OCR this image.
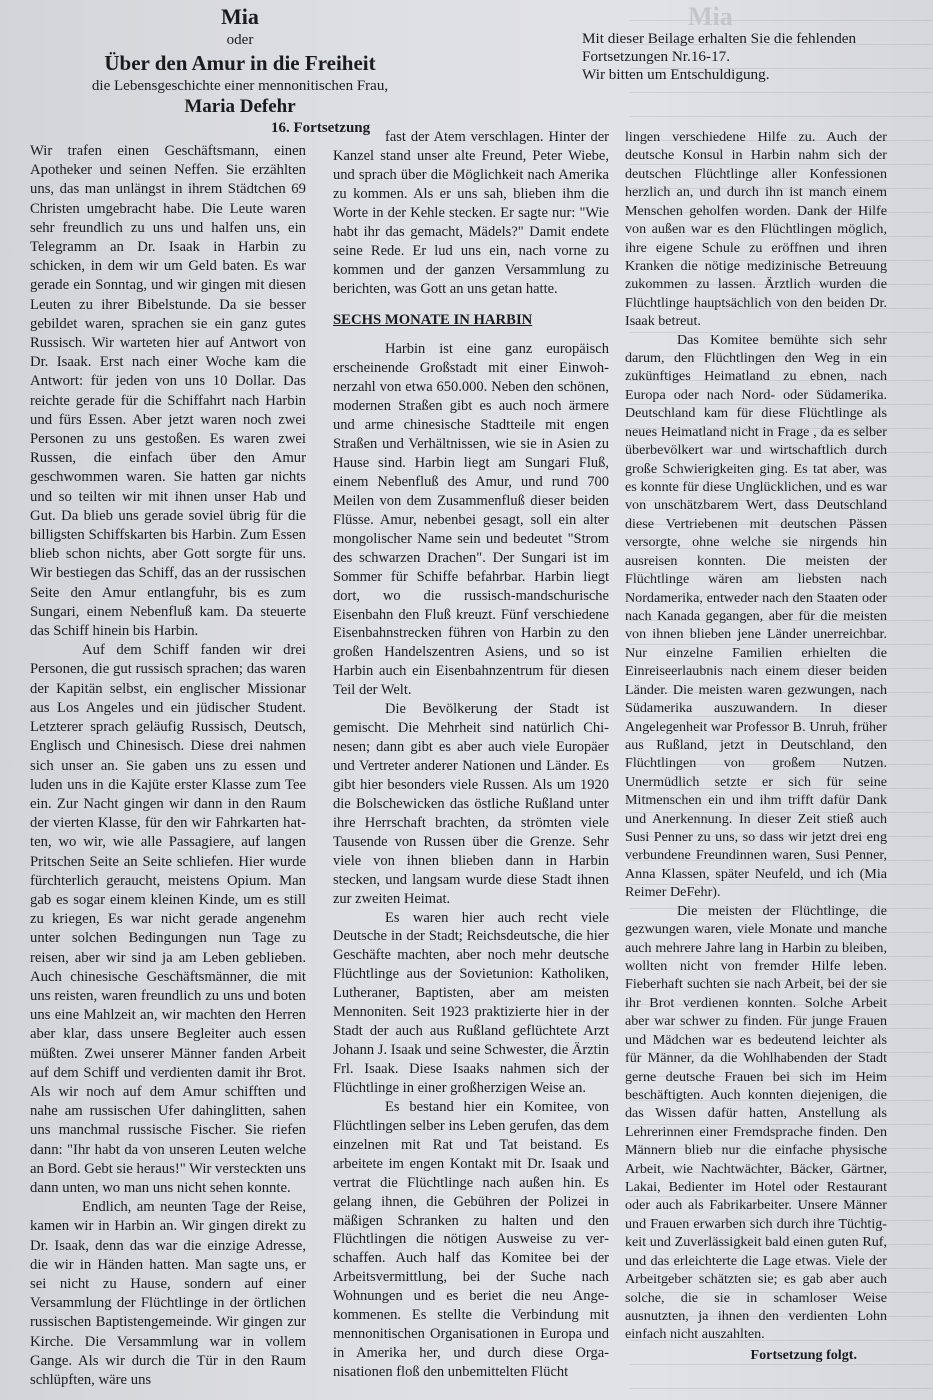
Mia
Mia
oder
Über den Amur in die Freiheit
die Lebensgeschichte einer mennonitischen Frau,
Maria Defehr
16. Fortsetzung
Mit dieser Beilage erhalten Sie die fehlenden
Fortsetzungen Nr.16-17.
Wir bitten um Entschuldigung.

Wir trafen einen Geschäftsmann, einen Apotheker und seinen Neffen. Sie erzählten uns, das man unlängst in ihrem Städtchen 69 Christen umgebracht habe. Die Leute waren sehr freundlich zu uns und halfen uns, ein Telegramm an Dr. Isaak in Harbin zu schicken, in dem wir um Geld baten. Es war gerade ein Sonntag, und wir gingen mit diesen Leuten zu ihrer Bibelstunde. Da sie besser gebildet waren, sprachen sie ein ganz gutes Russisch. Wir warteten hier auf Antwort von Dr. Isaak. Erst nach einer Woche kam die Antwort: für jeden von uns 10 Dollar. Das reichte gerade für die Schiffahrt nach Harbin und fürs Essen. Aber jetzt waren noch zwei Personen zu uns gestoßen. Es waren zwei Russen, die einfach über den Amur geschwommen waren. Sie hatten gar nichts und so teilten wir mit ihnen unser Hab und Gut. Da blieb uns gerade soviel übrig für die billigsten Schiffskarten bis Harbin. Zum Essen blieb schon nichts, aber Gott sorgte für uns. Wir bestiegen das Schiff, das an der russischen Seite den Amur entlangfuhr, bis es zum Sungari, einem Nebenfluß kam. Da steuerte das Schiff hinein bis Harbin.

Auf dem Schiff fanden wir drei Personen, die gut russisch sprachen; das waren der Kapitän selbst, ein englischer Missionar aus Los Angeles und ein jüdischer Student. Letzterer sprach geläufig Russisch, Deutsch, Englisch und Chinesisch. Diese drei nahmen sich unser an. Sie gaben uns zu essen und luden uns in die Kajüte erster Klasse zum Tee ein. Zur Nacht gingen wir dann in den Raum der vierten Klasse, für den wir Fahrkarten hatten, wo wir, wie alle Passagiere, auf langen Pritschen Seite an Seite schliefen. Hier wurde fürchterlich geraucht, meistens Opium. Man gab es sogar einem kleinen Kinde, um es still zu kriegen, Es war nicht gerade angenehm unter solchen Bedingungen nun Tage zu reisen, aber wir sind ja am Leben geblieben. Auch chinesische Geschäftsmänner, die mit uns reisten, waren freundlich zu uns und boten uns eine Mahlzeit an, wir machten den Herren aber klar, dass unsere Begleiter auch essen müßten. Zwei unserer Männer fanden Arbeit auf dem Schiff und verdienten damit ihr Brot. Als wir noch auf dem Amur schifften und nahe am russischen Ufer dahinglitten, sahen uns manchmal russische Fischer. Sie riefen dann: "Ihr habt da von unseren Leuten welche an Bord. Gebt sie heraus!" Wir versteckten uns dann unten, wo man uns nicht sehen konnte.

Endlich, am neunten Tage der Reise, kamen wir in Harbin an. Wir gingen direkt zu Dr. Isaak, denn das war die einzige Adresse, die wir in Händen hatten. Man sagte uns, er sei nicht zu Hause, sondern auf einer Versammlung der Flüchtlinge in der örtlichen russischen Baptistengemeinde. Wir gingen zur Kirche. Die Versammlung war in vollem Gange. Als wir durch die Tür in den Raum schlüpften, wäre uns

fast der Atem verschlagen. Hinter der Kanzel stand unser alte Freund, Peter Wiebe, und sprach über die Möglichkeit nach Amerika zu kommen. Als er uns sah, blieben ihm die Worte in der Kehle stecken. Er sagte nur: "Wie habt ihr das gemacht, Mädels?" Damit endete seine Rede. Er lud uns ein, nach vorne zu kommen und der ganzen Versammlung zu berichten, was Gott an uns getan hatte.

SECHS MONATE IN HARBIN

Harbin ist eine ganz europäisch erscheinende Großstadt mit einer Einwohnerzahl von etwa 650.000. Neben den schönen, modernen Straßen gibt es auch noch ärmere und arme chinesische Stadtteile mit engen Straßen und Verhältnissen, wie sie in Asien zu Hause sind. Harbin liegt am Sungari Fluß, einem Nebenfluß des Amur, und rund 700 Meilen von dem Zusammenfluß dieser beiden Flüsse. Amur, nebenbei gesagt, soll ein alter mongolischer Name sein und bedeutet "Strom des schwarzen Drachen". Der Sungari ist im Sommer für Schiffe befahrbar. Harbin liegt dort, wo die russisch-mandschurische Eisenbahn den Fluß kreuzt. Fünf verschiedene Eisenbahnstrecken führen von Harbin zu den großen Handelszentren Asiens, und so ist Harbin auch ein Eisenbahnzentrum für diesen Teil der Welt.

Die Bevölkerung der Stadt ist gemischt. Die Mehrheit sind natürlich Chinesen; dann gibt es aber auch viele Europäer und Vertreter anderer Nationen und Länder. Es gibt hier besonders viele Russen. Als um 1920 die Bolschewicken das östliche Rußland unter ihre Herrschaft brachten, da strömten viele Tausende von Russen über die Grenze. Sehr viele von ihnen blieben dann in Harbin stecken, und langsam wurde diese Stadt ihnen zur zweiten Heimat.

Es waren hier auch recht viele Deutsche in der Stadt; Reichsdeutsche, die hier Geschäfte machten, aber noch mehr deutsche Flüchtlinge aus der Sovietunion: Katholiken, Lutheraner, Baptisten, aber am meisten Mennoniten. Seit 1923 praktizierte hier in der Stadt der auch aus Rußland geflüchtete Arzt Johann J. Isaak und seine Schwester, die Ärztin Frl. Isaak. Diese Isaaks nahmen sich der Flüchtlinge in einer großherzigen Weise an.

Es bestand hier ein Komitee, von Flüchtlingen selber ins Leben gerufen, das dem einzelnen mit Rat und Tat beistand. Es arbeitete im engen Kontakt mit Dr. Isaak und vertrat die Flüchtlinge nach außen hin. Es gelang ihnen, die Gebühren der Polizei in mäßigen Schranken zu halten und den Flüchtlingen die nötigen Ausweise zu verschaffen. Auch half das Komitee bei der Arbeitsvermittlung, bei der Suche nach Wohnungen und es beriet die neu Angekommenen. Es stellte die Verbindung mit mennonitischen Organisationen in Europa und in Amerika her, und durch diese Organisationen floß den unbemittelten Flücht

lingen verschiedene Hilfe zu. Auch der deutsche Konsul in Harbin nahm sich der deutschen Flüchtlinge aller Konfessionen herzlich an, und durch ihn ist manch einem Menschen geholfen worden. Dank der Hilfe von außen war es den Flüchtlingen möglich, ihre eigene Schule zu eröffnen und ihren Kranken die nötige medizinische Betreuung zukommen zu lassen. Ärztlich wurden die Flüchtlinge hauptsächlich von den beiden Dr. Isaak betreut.

Das Komitee bemühte sich sehr darum, den Flüchtlingen den Weg in ein zukünftiges Heimatland zu ebnen, nach Europa oder nach Nord- oder Südamerika. Deutschland kam für diese Flüchtlinge als neues Heimatland nicht in Frage , da es selber überbevölkert war und wirtschaftlich durch große Schwierigkeiten ging. Es tat aber, was es konnte für diese Unglücklichen, und es war von unschätzbarem Wert, dass Deutschland diese Vertriebenen mit deutschen Pässen versorgte, ohne welche sie nirgends hin ausreisen konnten. Die meisten der Flüchtlinge wären am liebsten nach Nordamerika, entweder nach den Staaten oder nach Kanada gegangen, aber für die meisten von ihnen blieben jene Länder unerreichbar. Nur einzelne Familien erhielten die Einreiseerlaubnis nach einem dieser beiden Länder. Die meisten waren gezwungen, nach Südamerika auszuwandern. In dieser Angelegenheit war Professor B. Unruh, früher aus Rußland, jetzt in Deutschland, den Flüchtlingen von großem Nutzen. Unermüdlich setzte er sich für seine Mitmenschen ein und ihm trifft dafür Dank und Anerkennung. In dieser Zeit stieß auch Susi Penner zu uns, so dass wir jetzt drei eng verbundene Freundinnen waren, Susi Penner, Anna Klassen, später Neufeld, und ich (Mia Reimer DeFehr).

Die meisten der Flüchtlinge, die gezwungen waren, viele Monate und manche auch mehrere Jahre lang in Harbin zu bleiben, wollten nicht von fremder Hilfe leben. Fieberhaft suchten sie nach Arbeit, bei der sie ihr Brot verdienen konnten. Solche Arbeit aber war schwer zu finden. Für junge Frauen und Mädchen war es bedeutend leichter als für Männer, da die Wohlhabenden der Stadt gerne deutsche Frauen bei sich im Heim beschäftigten. Auch konnten diejenigen, die das Wissen dafür hatten, Anstellung als Lehrerinnen einer Fremdsprache finden. Den Männern blieb nur die einfache physische Arbeit, wie Nachtwächter, Bäcker, Gärtner, Lakai, Bedienter im Hotel oder Restaurant oder auch als Fabrikarbeiter. Unsere Männer und Frauen erwarben sich durch ihre Tüchtigkeit und Zuverlässigkeit bald einen guten Ruf, und das erleichterte die Lage etwas. Viele der Arbeitgeber schätzten sie; es gab aber auch solche, die sie in schamloser Weise ausnutzten, ja ihnen den verdienten Lohn einfach nicht auszahlten.

Fortsetzung folgt.
